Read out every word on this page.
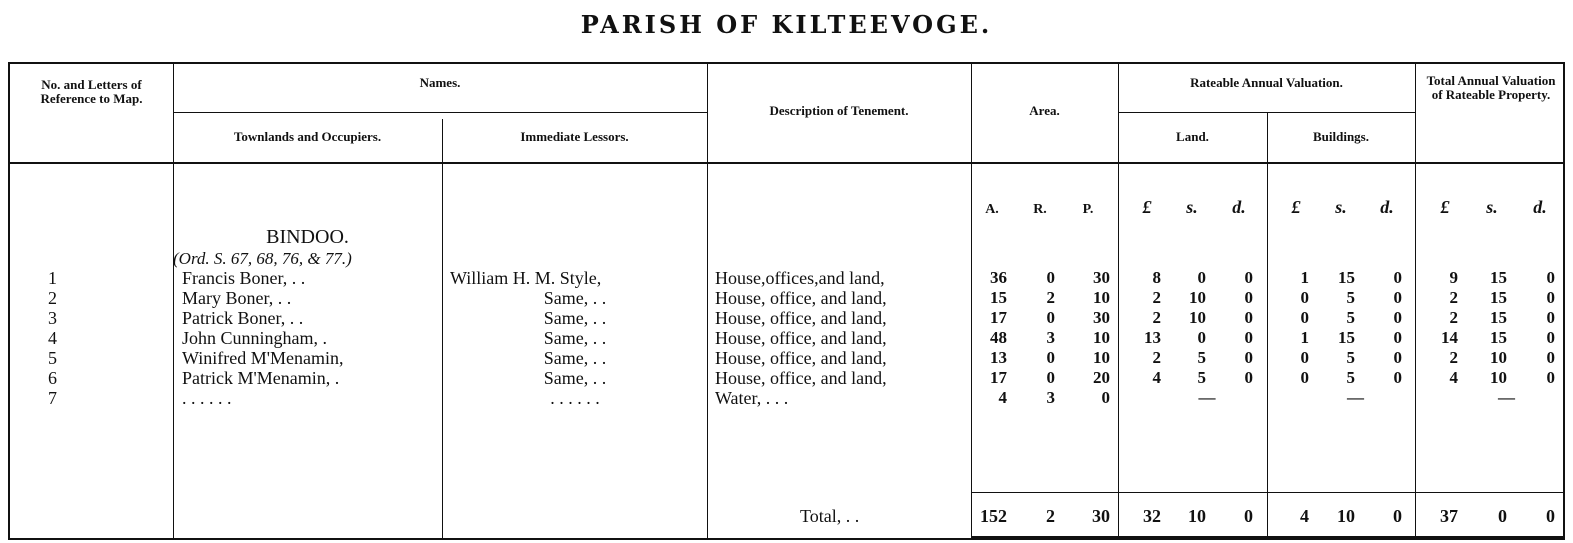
PARISH OF KILTEEVOGE.
No. and Letters of Reference to Map.
Names.
Townlands and Occupiers.	Immediate Lessors.
Description of Tenement.	Area.
Rateable Annual Valuation.
Land.	Buildings.
Total Annual Valuation of Rateable Property.
A.	R.	P.	£	s.	d.	£	s.	d.	£	s.	d.
BINDOO.
(Ord. S. 67, 68, 76, & 77.)
1	Francis Boner, . .	William H. M. Style,	House,offices,and land,	36	0	30	8	0	0	1	15	0	9	15	0
2	Mary Boner, . .	Same, . .	House, office, and land,	15	2	10	2	10	0	0	5	0	2	15	0
3	Patrick Boner, . .	Same, . .	House, office, and land,	17	0	30	2	10	0	0	5	0	2	15	0
4	John Cunningham, .	Same, . .	House, office, and land,	48	3	10	13	0	0	1	15	0	14	15	0
5	Winifred M'Menamin,	Same, . .	House, office, and land,	13	0	10	2	5	0	0	5	0	2	10	0
6	Patrick M'Menamin, .	Same, . .	House, office, and land,	17	0	20	4	5	0	0	5	0	4	10	0
7	. . . . . .	. . . . . .	Water, . . .	4	3	0	—	—	—
Total, . .	152	2	30	32	10	0	4	10	0	37	0	0
